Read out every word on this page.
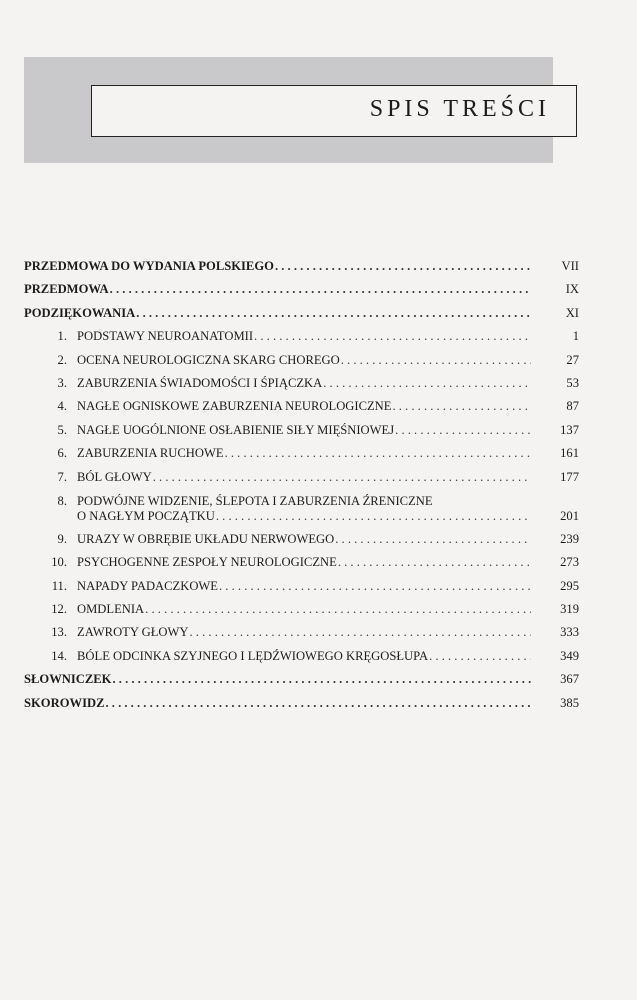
SPIS TREŚCI
PRZEDMOWA DO WYDANIA POLSKIEGO . . .	VII
PRZEDMOWA . . .	IX
PODZIĘKOWANIA . . .	XI
1. PODSTAWY NEUROANATOMII . . .	1
2. OCENA NEUROLOGICZNA SKARG CHOREGO . . .	27
3. ZABURZENIA ŚWIADOMOŚCI I ŚPIĄCZKA . . .	53
4. NAGŁE OGNISKOWE ZABURZENIA NEUROLOGICZNE . . .	87
5. NAGŁE UOGÓLNIONE OSŁABIENIE SIŁY MIĘŚNIOWEJ . . .	137
6. ZABURZENIA RUCHOWE . . .	161
7. BÓL GŁOWY . . .	177
8. PODWÓJNE WIDZENIE, ŚLEPOTA I ZABURZENIA ŹRENICZNE
O NAGŁYM POCZĄTKU . . .	201
9. URAZY W OBRĘBIE UKŁADU NERWOWEGO . . .	239
10. PSYCHOGENNE ZESPOŁY NEUROLOGICZNE . . .	273
11. NAPADY PADACZKOWE . . .	295
12. OMDLENIA . . .	319
13. ZAWROTY GŁOWY . . .	333
14. BÓLE ODCINKA SZYJNEGO I LĘDŹWIOWEGO KRĘGOSŁUPA . . .	349
SŁOWNICZEK . . .	367
SKOROWIDZ . . .	385
